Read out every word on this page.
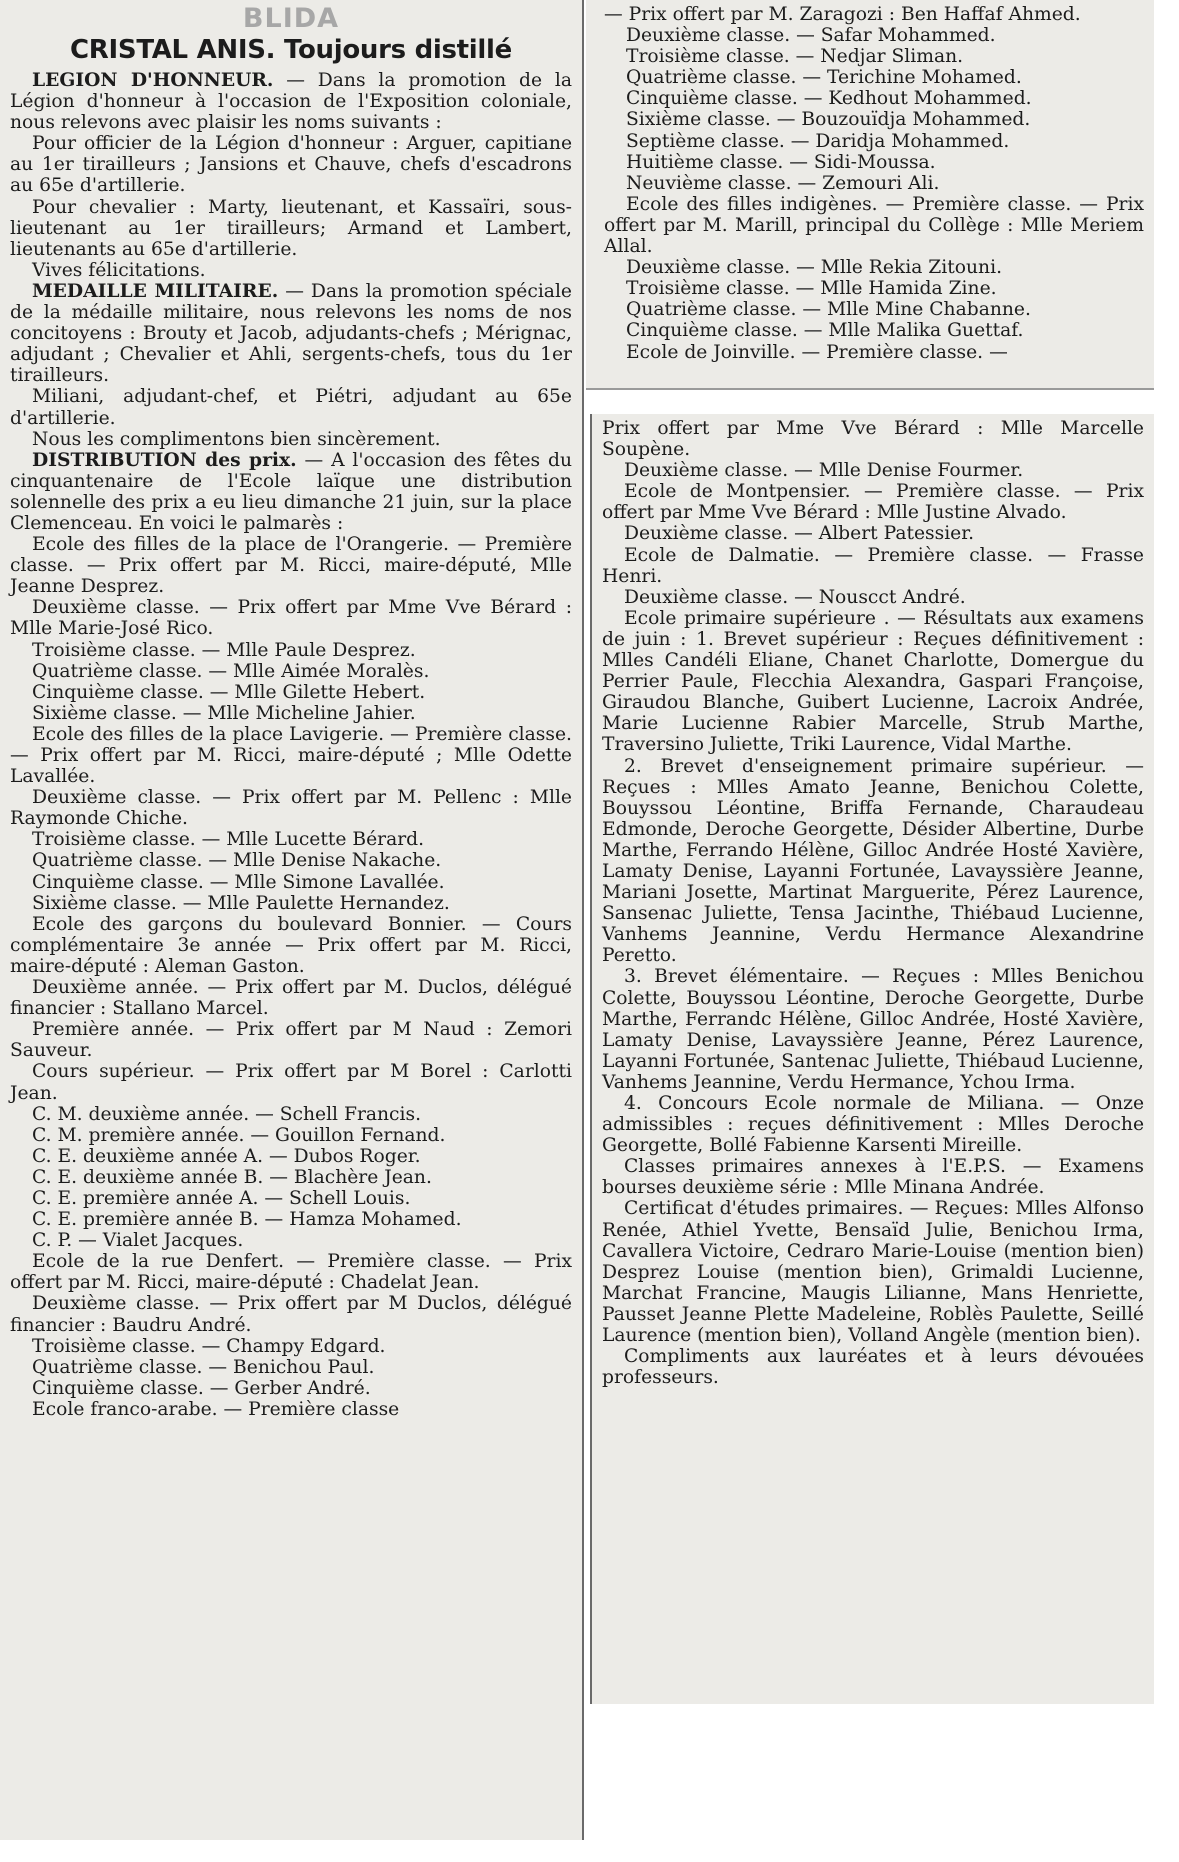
BLIDA

CRISTAL ANIS. Toujours distillé

LEGION D'HONNEUR. — Dans la promotion de la Légion d'honneur à l'occasion de l'Exposition coloniale, nous relevons avec plaisir les noms suivants :

Pour officier de la Légion d'honneur : Arguer, capitiane au 1er tirailleurs ; Jansions et Chauve, chefs d'escadrons au 65e d'artillerie.

Pour chevalier : Marty, lieutenant, et Kassaïri, sous-lieutenant au 1er tirailleurs; Armand et Lambert, lieutenants au 65e d'artillerie.

Vives félicitations.

MEDAILLE MILITAIRE. — Dans la promotion spéciale de la médaille militaire, nous relevons les noms de nos concitoyens : Brouty et Jacob, adjudants-chefs ; Mérignac, adjudant ; Chevalier et Ahli, sergents-chefs, tous du 1er tirailleurs.

Miliani, adjudant-chef, et Piétri, adjudant au 65e d'artillerie.

Nous les complimentons bien sincèrement.

DISTRIBUTION des prix. — A l'occasion des fêtes du cinquantenaire de l'Ecole laïque une distribution solennelle des prix a eu lieu dimanche 21 juin, sur la place Clemenceau. En voici le palmarès :

Ecole des filles de la place de l'Orangerie. — Première classe. — Prix offert par M. Ricci, maire-député, Mlle Jeanne Desprez.

Deuxième classe. — Prix offert par Mme Vve Bérard : Mlle Marie-José Rico.

Troisième classe. — Mlle Paule Desprez.

Quatrième classe. — Mlle Aimée Moralès.

Cinquième classe. — Mlle Gilette Hebert.

Sixième classe. — Mlle Micheline Jahier.

Ecole des filles de la place Lavigerie. — Première classe. — Prix offert par M. Ricci, maire-député ; Mlle Odette Lavallée.

Deuxième classe. — Prix offert par M. Pellenc : Mlle Raymonde Chiche.

Troisième classe. — Mlle Lucette Bérard.

Quatrième classe. — Mlle Denise Nakache.

Cinquième classe. — Mlle Simone Lavallée.

Sixième classe. — Mlle Paulette Hernandez.

Ecole des garçons du boulevard Bonnier. — Cours complémentaire 3e année — Prix offert par M. Ricci, maire-député : Aleman Gaston.

Deuxième année. — Prix offert par M. Duclos, délégué financier : Stallano Marcel.

Première année. — Prix offert par M Naud : Zemori Sauveur.

Cours supérieur. — Prix offert par M Borel : Carlotti Jean.

C. M. deuxième année. — Schell Francis.

C. M. première année. — Gouillon Fernand.

C. E. deuxième année A. — Dubos Roger.

C. E. deuxième année B. — Blachère Jean.

C. E. première année A. — Schell Louis.

C. E. première année B. — Hamza Mohamed.

C. P. — Vialet Jacques.

Ecole de la rue Denfert. — Première classe. — Prix offert par M. Ricci, maire-député : Chadelat Jean.

Deuxième classe. — Prix offert par M Duclos, délégué financier : Baudru André.

Troisième classe. — Champy Edgard.

Quatrième classe. — Benichou Paul.

Cinquième classe. — Gerber André.

Ecole franco-arabe. — Première classe

— Prix offert par M. Zaragozi : Ben Haffaf Ahmed.

Deuxième classe. — Safar Mohammed.

Troisième classe. — Nedjar Sliman.

Quatrième classe. — Terichine Mohamed.

Cinquième classe. — Kedhout Mohammed.

Sixième classe. — Bouzouïdja Mohammed.

Septième classe. — Daridja Mohammed.

Huitième classe. — Sidi-Moussa.

Neuvième classe. — Zemouri Ali.

Ecole des filles indigènes. — Première classe. — Prix offert par M. Marill, principal du Collège : Mlle Meriem Allal.

Deuxième classe. — Mlle Rekia Zitouni.

Troisième classe. — Mlle Hamida Zine.

Quatrième classe. — Mlle Mine Chabanne.

Cinquième classe. — Mlle Malika Guettaf.

Ecole de Joinville. — Première classe. —

Prix offert par Mme Vve Bérard : Mlle Marcelle Soupène.

Deuxième classe. — Mlle Denise Fourmer.

Ecole de Montpensier. — Première classe. — Prix offert par Mme Vve Bérard : Mlle Justine Alvado.

Deuxième classe. — Albert Patessier.

Ecole de Dalmatie. — Première classe. — Frasse Henri.

Deuxième classe. — Nouscct André.

Ecole primaire supérieure . — Résultats aux examens de juin : 1. Brevet supérieur : Reçues définitivement : Mlles Candéli Eliane, Chanet Charlotte, Domergue du Perrier Paule, Flecchia Alexandra, Gaspari Françoise, Giraudou Blanche, Guibert Lucienne, Lacroix Andrée, Marie Lucienne Rabier Marcelle, Strub Marthe, Traversino Juliette, Triki Laurence, Vidal Marthe.

2. Brevet d'enseignement primaire supérieur. — Reçues : Mlles Amato Jeanne, Benichou Colette, Bouyssou Léontine, Briffa Fernande, Charaudeau Edmonde, Deroche Georgette, Désider Albertine, Durbe Marthe, Ferrando Hélène, Gilloc Andrée Hosté Xavière, Lamaty Denise, Layanni Fortunée, Lavayssière Jeanne, Mariani Josette, Martinat Marguerite, Pérez Laurence, Sansenac Juliette, Tensa Jacinthe, Thiébaud Lucienne, Vanhems Jeannine, Verdu Hermance Alexandrine Peretto.

3. Brevet élémentaire. — Reçues : Mlles Benichou Colette, Bouyssou Léontine, Deroche Georgette, Durbe Marthe, Ferrandc Hélène, Gilloc Andrée, Hosté Xavière, Lamaty Denise, Lavayssière Jeanne, Pérez Laurence, Layanni Fortunée, Santenac Juliette, Thiébaud Lucienne, Vanhems Jeannine, Verdu Hermance, Ychou Irma.

4. Concours Ecole normale de Miliana. — Onze admissibles : reçues définitivement : Mlles Deroche Georgette, Bollé Fabienne Karsenti Mireille.

Classes primaires annexes à l'E.P.S. — Examens bourses deuxième série : Mlle Minana Andrée.

Certificat d'études primaires. — Reçues: Mlles Alfonso Renée, Athiel Yvette, Bensaïd Julie, Benichou Irma, Cavallera Victoire, Cedraro Marie-Louise (mention bien) Desprez Louise (mention bien), Grimaldi Lucienne, Marchat Francine, Maugis Lilianne, Mans Henriette, Pausset Jeanne Plette Madeleine, Roblès Paulette, Seillé Laurence (mention bien), Volland Angèle (mention bien).

Compliments aux lauréates et à leurs dévouées professeurs.
